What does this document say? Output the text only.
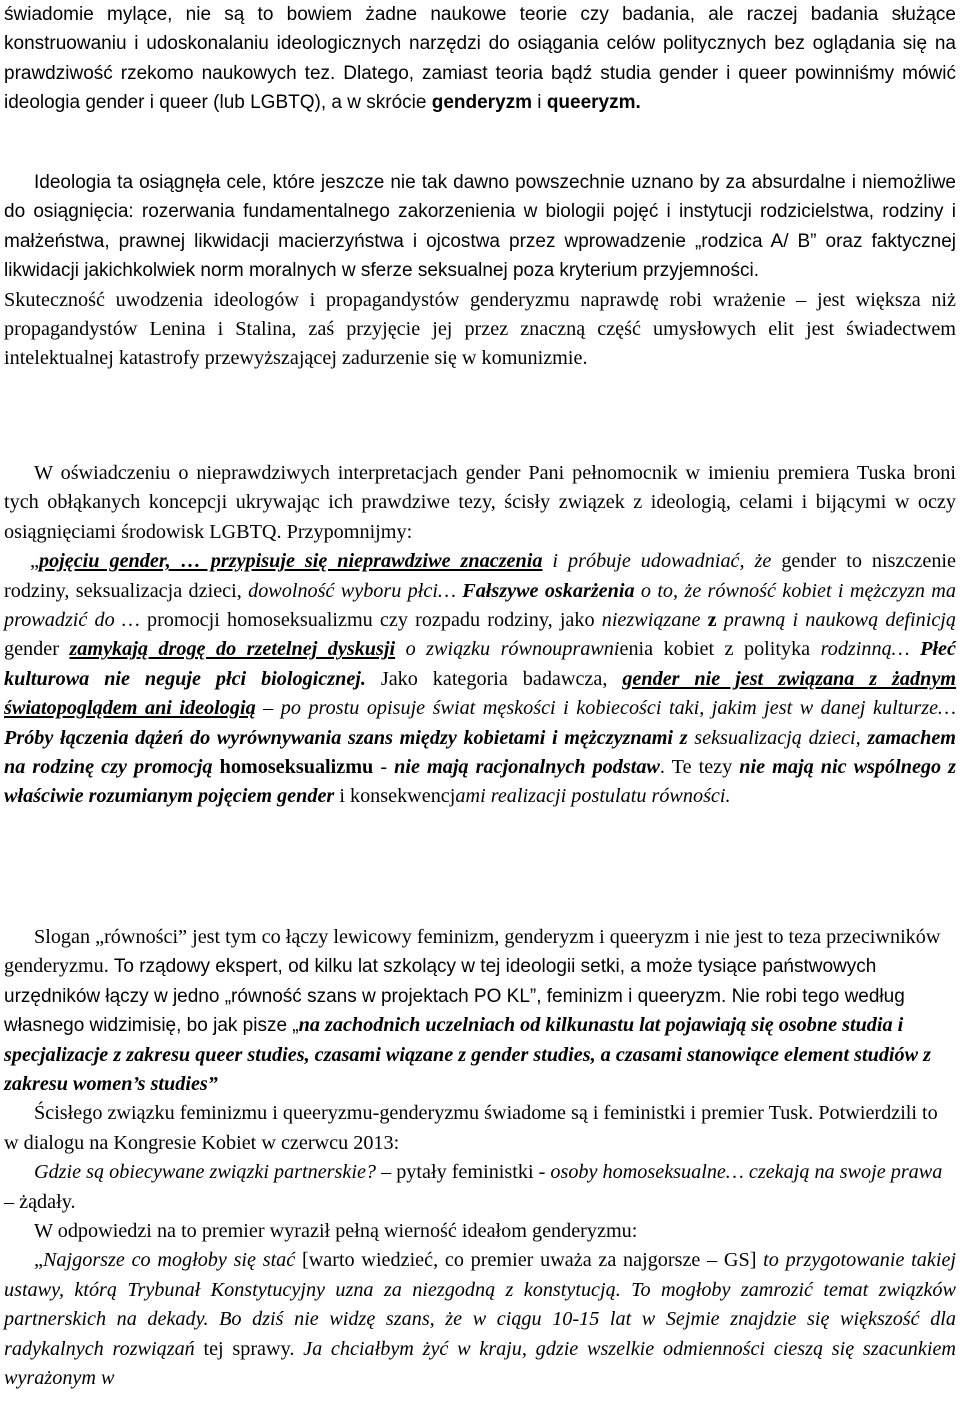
świadomie mylące, nie są to bowiem żadne naukowe teorie czy badania, ale raczej badania służące konstruowaniu i udoskonalaniu ideologicznych narzędzi do osiągania celów politycznych bez oglądania się na prawdziwość rzekomo naukowych tez. Dlatego, zamiast teoria bądź studia gender i queer powinniśmy mówić ideologia gender i queer (lub LGBTQ), a w skrócie genderyzm i queeryzm.

Ideologia ta osiągnęła cele, które jeszcze nie tak dawno powszechnie uznano by za absurdalne i niemożliwe do osiągnięcia: rozerwania fundamentalnego zakorzenienia w biologii pojęć i instytucji rodzicielstwa, rodziny i małżeństwa, prawnej likwidacji macierzyństwa i ojcostwa przez wprowadzenie „rodzica A/ B” oraz faktycznej likwidacji jakichkolwiek norm moralnych w sferze seksualnej poza kryterium przyjemności.

Skuteczność uwodzenia ideologów i propagandystów genderyzmu naprawdę robi wrażenie – jest większa niż propagandystów Lenina i Stalina, zaś przyjęcie jej przez znaczną część umysłowych elit jest świadectwem intelektualnej katastrofy przewyższającej zadurzenie się w komunizmie.

W oświadczeniu o nieprawdziwych interpretacjach gender Pani pełnomocnik w imieniu premiera Tuska broni tych obłąkanych koncepcji ukrywając ich prawdziwe tezy, ścisły związek z ideologią, celami i bijącymi w oczy osiągnięciami środowisk LGBTQ. Przypomnijmy:

„pojęciu gender, … przypisuje się nieprawdziwe znaczenia i próbuje udowadniać, że gender to niszczenie rodziny, seksualizacja dzieci, dowolność wyboru płci… Fałszywe oskarżenia o to, że równość kobiet i mężczyzn ma prowadzić do … promocji homoseksualizmu czy rozpadu rodziny, jako niezwiązane z prawną i naukową definicją gender zamykają drogę do rzetelnej dyskusji o związku równouprawnienia kobiet z polityka rodzinną… Płeć kulturowa nie neguje płci biologicznej. Jako kategoria badawcza, gender nie jest związana z żadnym światopoglądem ani ideologią – po prostu opisuje świat męskości i kobiecości taki, jakim jest w danej kulturze… Próby łączenia dążeń do wyrównywania szans między kobietami i mężczyznami z seksualizacją dzieci, zamachem na rodzinę czy promocją homoseksualizmu - nie mają racjonalnych podstaw. Te tezy nie mają nic wspólnego z właściwie rozumianym pojęciem gender i konsekwencjami realizacji postulatu równości.

Slogan „równości” jest tym co łączy lewicowy feminizm, genderyzm i queeryzm i nie jest to teza przeciwników genderyzmu. To rządowy ekspert, od kilku lat szkolący w tej ideologii setki, a może tysiące państwowych urzędników łączy w jedno „równość szans w projektach PO KL”, feminizm i queeryzm. Nie robi tego według własnego widzimisię, bo jak pisze „na zachodnich uczelniach od kilkunastu lat pojawiają się osobne studia i specjalizacje z zakresu queer studies, czasami wiązane z gender studies, a czasami stanowiące element studiów z zakresu women’s studies”

Ścisłego związku feminizmu i queeryzmu-genderyzmu świadome są i feministki i premier Tusk. Potwierdzili to w dialogu na Kongresie Kobiet w czerwcu 2013:

Gdzie są obiecywane związki partnerskie? – pytały feministki - osoby homoseksualne… czekają na swoje prawa – żądały.

W odpowiedzi na to premier wyraził pełną wierność ideałom genderyzmu:

„Najgorsze co mogłoby się stać [warto wiedzieć, co premier uważa za najgorsze – GS] to przygotowanie takiej ustawy, którą Trybunał Konstytucyjny uzna za niezgodną z konstytucją. To mogłoby zamrozić temat związków partnerskich na dekady. Bo dziś nie widzę szans, że w ciągu 10-15 lat w Sejmie znajdzie się większość dla radykalnych rozwiązań tej sprawy. Ja chciałbym żyć w kraju, gdzie wszelkie odmienności cieszą się szacunkiem wyrażonym w
